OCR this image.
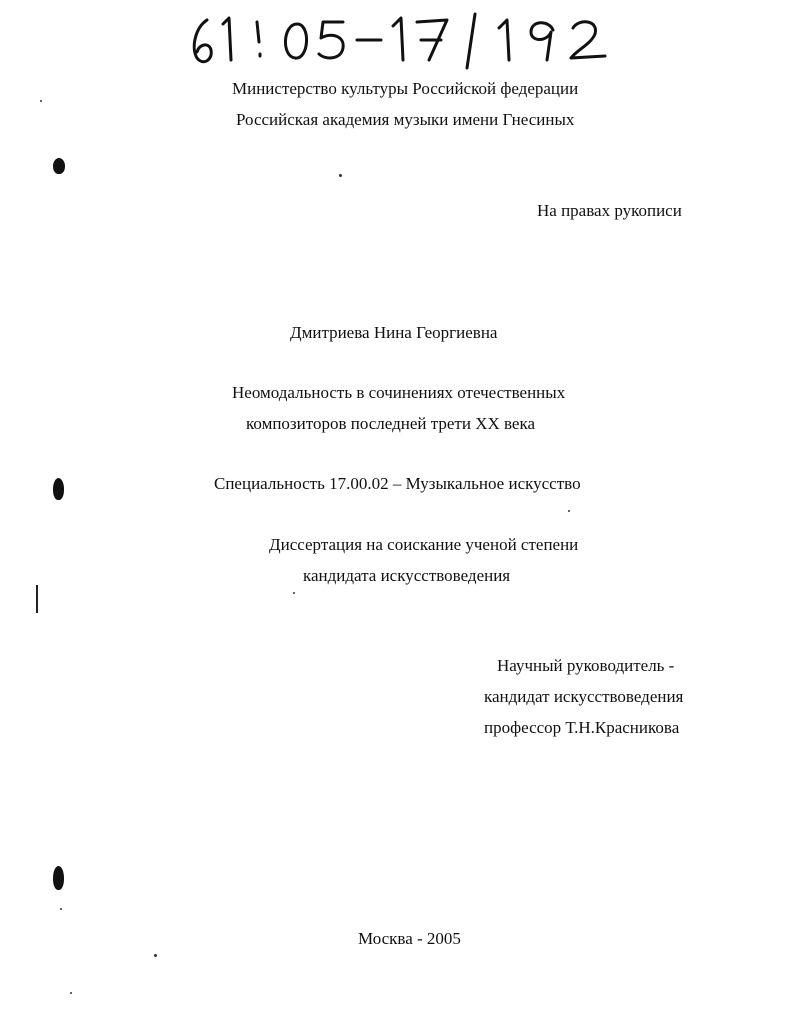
Министерство культуры Российской федерации
Российская академия музыки имени Гнесиных
На правах рукописи
Дмитриева Нина Георгиевна
Неомодальность в сочинениях отечественных
композиторов последней трети XX века
Специальность 17.00.02 – Музыкальное искусство
Диссертация на соискание ученой степени
кандидата искусствоведения
Научный руководитель -
кандидат искусствоведения
профессор Т.Н.Красникова
Москва - 2005
